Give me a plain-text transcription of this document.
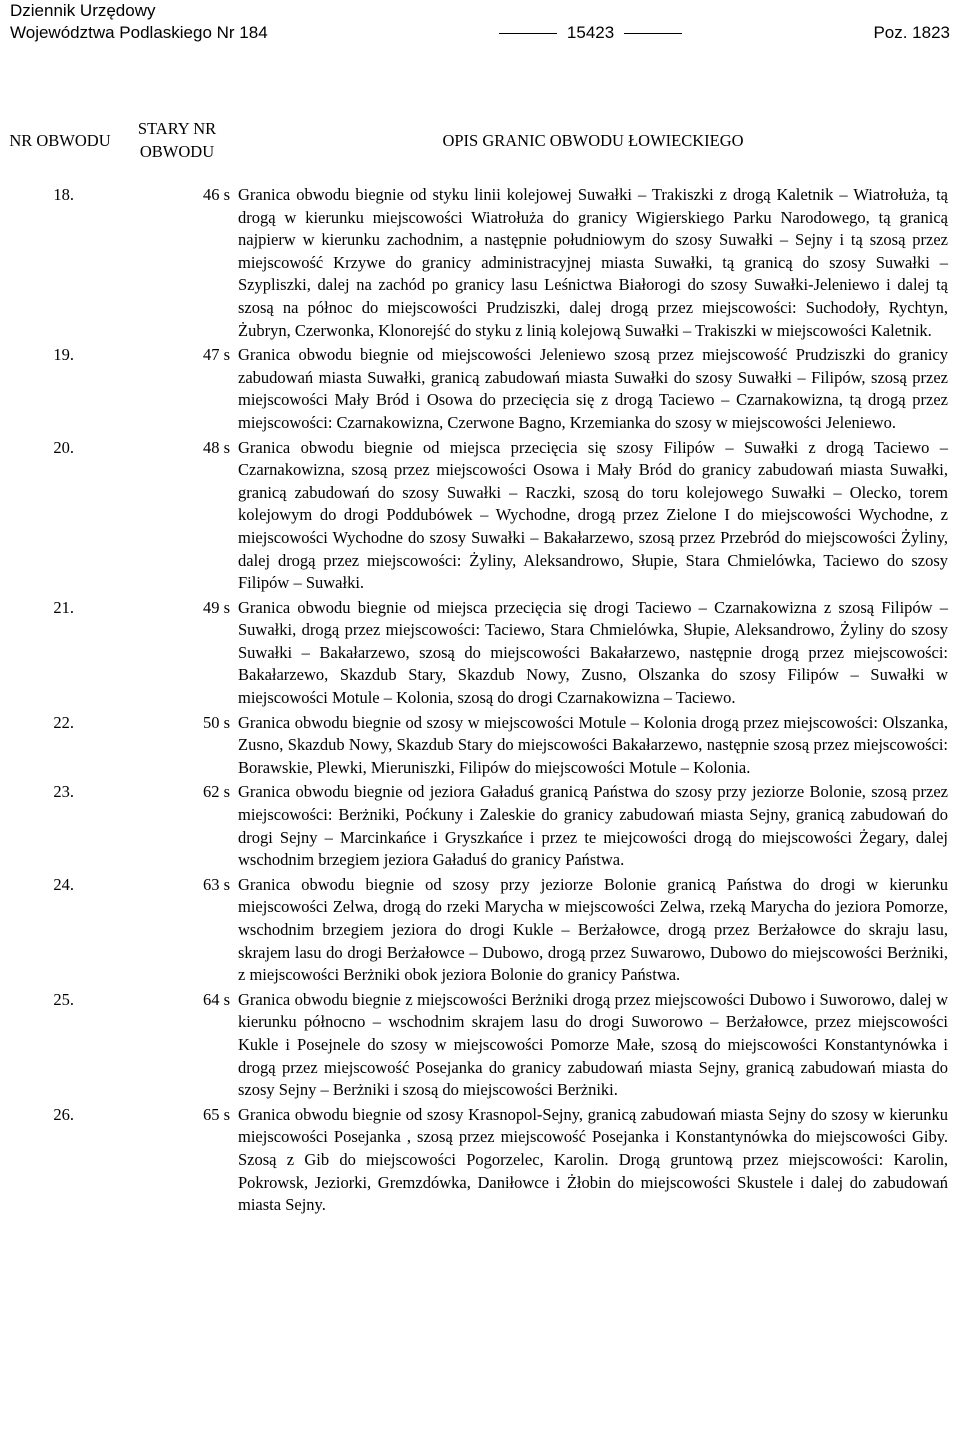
Dziennik Urzędowy
Województwa Podlaskiego Nr 184	15423	Poz. 1823
NR OBWODU	STARY NR OBWODU	OPIS GRANIC OBWODU ŁOWIECKIEGO
18.	46 s	Granica obwodu biegnie od styku linii kolejowej Suwałki – Trakiszki z drogą Kaletnik – Wiatrołuża, tą drogą w kierunku miejscowości Wiatrołuża do granicy Wigierskiego Parku Narodowego, tą granicą najpierw w kierunku zachodnim, a następnie południowym do szosy Suwałki – Sejny i tą szosą przez miejscowość Krzywe do granicy administracyjnej miasta Suwałki, tą granicą do szosy Suwałki – Szypliszki, dalej na zachód po granicy lasu Leśnictwa Białorogi do szosy Suwałki-Jeleniewo i dalej tą szosą na północ do miejscowości Prudziszki, dalej drogą przez miejscowości: Suchodoły, Rychtyn, Żubryn, Czerwonka, Klonorejść do styku z linią kolejową Suwałki – Trakiszki w miejscowości Kaletnik.
19.	47 s	Granica obwodu biegnie od miejscowości Jeleniewo szosą przez miejscowość Prudziszki do granicy zabudowań miasta Suwałki, granicą zabudowań miasta Suwałki do szosy Suwałki – Filipów, szosą przez miejscowości Mały Bród i Osowa do przecięcia się z drogą Taciewo – Czarnakowizna, tą drogą przez miejscowości: Czarnakowizna, Czerwone Bagno, Krzemianka do szosy w miejscowości Jeleniewo.
20.	48 s	Granica obwodu biegnie od miejsca przecięcia się szosy Filipów – Suwałki z drogą Taciewo – Czarnakowizna, szosą przez miejscowości Osowa i Mały Bród do granicy zabudowań miasta Suwałki, granicą zabudowań do szosy Suwałki – Raczki, szosą do toru kolejowego Suwałki – Olecko, torem kolejowym do drogi Poddubówek – Wychodne, drogą przez Zielone I do miejscowości Wychodne, z miejscowości Wychodne do szosy Suwałki – Bakałarzewo, szosą przez Przebród do miejscowości Żyliny, dalej drogą przez miejscowości: Żyliny, Aleksandrowo, Słupie, Stara Chmielówka, Taciewo do szosy Filipów – Suwałki.
21.	49 s	Granica obwodu biegnie od miejsca przecięcia się drogi Taciewo – Czarnakowizna z szosą Filipów – Suwałki, drogą przez miejscowości: Taciewo, Stara Chmielówka, Słupie, Aleksandrowo, Żyliny do szosy Suwałki – Bakałarzewo, szosą do miejscowości Bakałarzewo, następnie drogą przez miejscowości: Bakałarzewo, Skazdub Stary, Skazdub Nowy, Zusno, Olszanka do szosy Filipów – Suwałki w miejscowości Motule – Kolonia, szosą do drogi Czarnakowizna – Taciewo.
22.	50 s	Granica obwodu biegnie od szosy w miejscowości Motule – Kolonia drogą przez miejscowości: Olszanka, Zusno, Skazdub Nowy, Skazdub Stary do miejscowości Bakałarzewo, następnie szosą przez miejscowości: Borawskie, Plewki, Mieruniszki, Filipów do miejscowości Motule – Kolonia.
23.	62 s	Granica obwodu biegnie od jeziora Gaładuś granicą Państwa do szosy przy jeziorze Bolonie, szosą przez miejscowości: Berżniki, Poćkuny i Zaleskie do granicy zabudowań miasta Sejny, granicą zabudowań do drogi Sejny – Marcinkańce i Gryszkańce i przez te miejcowości drogą do miejscowości Żegary, dalej wschodnim brzegiem jeziora Gaładuś do granicy Państwa.
24.	63 s	Granica obwodu biegnie od szosy przy jeziorze Bolonie granicą Państwa do drogi w kierunku miejscowości Zelwa, drogą do rzeki Marycha w miejscowości Zelwa, rzeką Marycha do jeziora Pomorze, wschodnim brzegiem jeziora do drogi Kukle – Berżałowce, drogą przez Berżałowce do skraju lasu, skrajem lasu do drogi Berżałowce – Dubowo, drogą przez Suwarowo, Dubowo do miejscowości Berżniki, z miejscowości Berżniki obok jeziora Bolonie do granicy Państwa.
25.	64 s	Granica obwodu biegnie z miejscowości Berżniki drogą przez miejscowości Dubowo i Suworowo, dalej w kierunku północno – wschodnim skrajem lasu do drogi Suworowo – Berżałowce, przez miejscowości Kukle i Posejnele do szosy w miejscowości Pomorze Małe, szosą do miejscowości Konstantynówka i drogą przez miejscowość Posejanka do granicy zabudowań miasta Sejny, granicą zabudowań miasta do szosy Sejny – Berżniki i szosą do miejscowości Berżniki.
26.	65 s	Granica obwodu biegnie od szosy Krasnopol-Sejny, granicą zabudowań miasta Sejny do szosy w kierunku miejscowości Posejanka , szosą przez miejscowość Posejanka i Konstantynówka do miejscowości Giby. Szosą z Gib do miejscowości Pogorzelec, Karolin. Drogą gruntową przez miejscowości: Karolin, Pokrowsk, Jeziorki, Gremzdówka, Daniłowce i Żłobin do miejscowości Skustele i dalej do zabudowań miasta Sejny.
